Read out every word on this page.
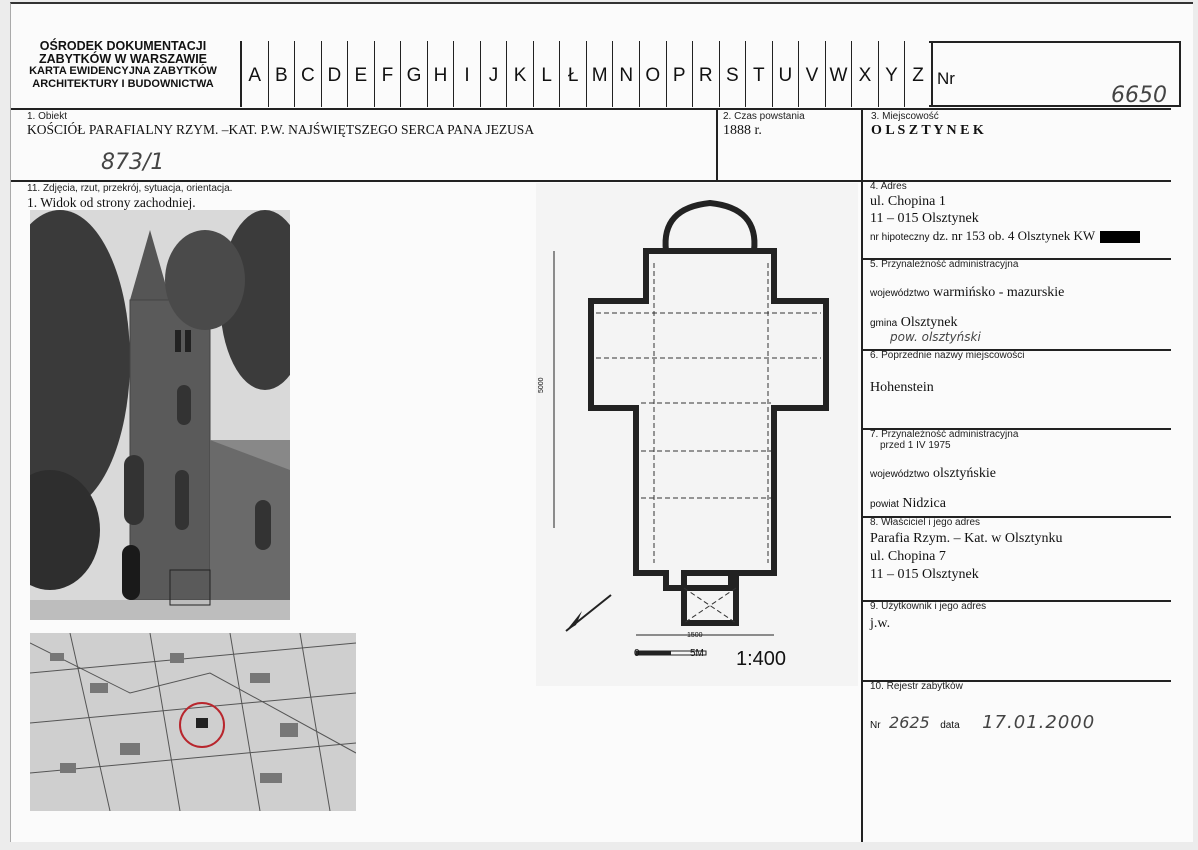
OŚRODEK DOKUMENTACJI
ZABYTKÓW W WARSZAWIE
KARTA EWIDENCYJNA ZABYTKÓW
ARCHITEKTURY I BUDOWNICTWA	A B C D E F G H I	J K L Ł M N O P R S T U V W X Y Z Nr
6650
1. Obiekt
KOŚCIÓŁ PARAFIALNY RZYM. –KAT. P.W. NAJŚWIĘTSZEGO SERCA PANA JEZUSA
873/1
2. Czas powstania
1888 r.
3. Miejscowość
O L S Z T Y N E K
11. Zdjęcia, rzut, przekrój, sytuacja, orientacja.
1. Widok od strony zachodniej.
5000
1500
0	5M 1:400
4. Adres
ul. Chopina 1
11 – 015 Olsztynek
nr hipoteczny dz. nr 153 ob. 4 Olsztynek KW
5. Przynależność administracyjna
województwo warmińsko - mazurskie
gmina Olsztynek
pow. olsztyński
6. Poprzednie nazwy miejscowości
Hohenstein
7. Przynależność administracyjna
przed 1 IV 1975
województwo olsztyńskie
powiat Nidzica
8. Właściciel i jego adres
Parafia Rzym. – Kat. w Olsztynku
ul. Chopina 7
11 – 015 Olsztynek
9. Użytkownik i jego adres
j.w.
10. Rejestr zabytków
Nr 2625 data 17.01.2000
